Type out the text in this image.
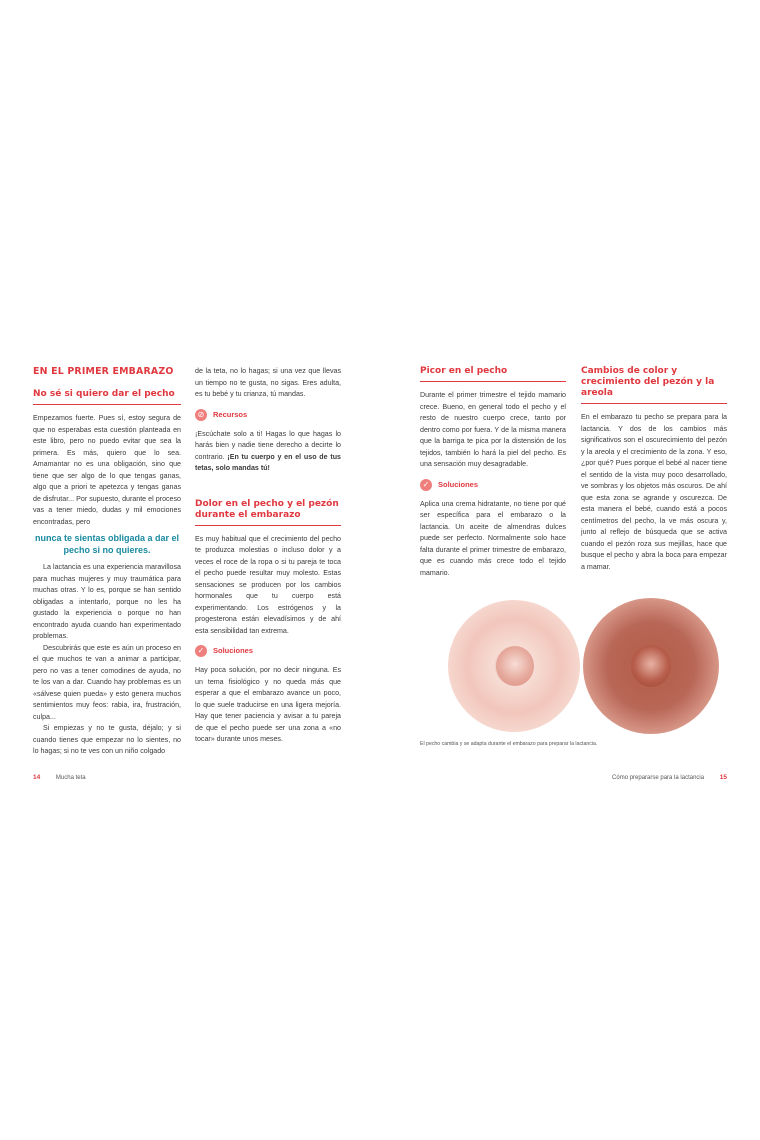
EN EL PRIMER EMBARAZO
No sé si quiero dar el pecho

Empezamos fuerte. Pues sí, estoy segura de que no esperabas esta cuestión planteada en este libro, pero no puedo evitar que sea la primera. Es más, quiero que lo sea. Amamantar no es una obligación, sino que tiene que ser algo de lo que tengas ganas, algo que a priori te apetezca y tengas ganas de disfrutar... Por supuesto, durante el proceso vas a tener miedo, dudas y mil emociones encontradas, pero

nunca te sientas obligada a dar el pecho si no quieres.

La lactancia es una experiencia maravillosa para muchas mujeres y muy traumática para muchas otras. Y lo es, porque se han sentido obligadas a intentarlo, porque no les ha gustado la experiencia o porque no han encontrado ayuda cuando han experimentado problemas.

Descubrirás que este es aún un proceso en el que muchos te van a animar a participar, pero no vas a tener comodines de ayuda, no te los van a dar. Cuando hay problemas es un «sálvese quien pueda» y esto genera muchos sentimientos muy feos: rabia, ira, frustración, culpa...

Si empiezas y no te gusta, déjalo; y si cuando tienes que empezar no lo sientes, no lo hagas; si no te ves con un niño colgado

de la teta, no lo hagas; si una vez que llevas un tiempo no te gusta, no sigas. Eres adulta, es tu bebé y tu crianza, tú mandas.

⊘	Recursos

¡Escúchate solo a ti! Hagas lo que hagas lo harás bien y nadie tiene derecho a decirte lo contrario. ¡En tu cuerpo y en el uso de tus tetas, solo mandas tú!

Dolor en el pecho y el pezón durante el embarazo

Es muy habitual que el crecimiento del pecho te produzca molestias o incluso dolor y a veces el roce de la ropa o si tu pareja te toca el pecho puede resultar muy molesto. Estas sensaciones se producen por los cambios hormonales que tu cuerpo está experimentando. Los estrógenos y la progesterona están elevadísimos y de ahí esta sensibilidad tan extrema.

✓	Soluciones

Hay poca solución, por no decir ninguna. Es un tema fisiológico y no queda más que esperar a que el embarazo avance un poco, lo que suele traducirse en una ligera mejoría. Hay que tener paciencia y avisar a tu pareja de que el pecho puede ser una zona a «no tocar» durante unos meses.

Picor en el pecho

Durante el primer trimestre el tejido mamario crece. Bueno, en general todo el pecho y el resto de nuestro cuerpo crece, tanto por dentro como por fuera. Y de la misma manera que la barriga te pica por la distensión de los tejidos, también lo hará la piel del pecho. Es una sensación muy desagradable.

✓	Soluciones

Aplica una crema hidratante, no tiene por qué ser específica para el embarazo o la lactancia. Un aceite de almendras dulces puede ser perfecto. Normalmente solo hace falta durante el primer trimestre de embarazo, que es cuando más crece todo el tejido mamario.

Cambios de color y crecimiento del pezón y la areola

En el embarazo tu pecho se prepara para la lactancia. Y dos de los cambios más significativos son el oscurecimiento del pezón y la areola y el crecimiento de la zona. Y eso, ¿por qué? Pues porque el bebé al nacer tiene el sentido de la vista muy poco desarrollado, ve sombras y los objetos más oscuros. De ahí que esta zona se agrande y oscurezca. De esta manera el bebé, cuando está a pocos centímetros del pecho, la ve más oscura y, junto al reflejo de búsqueda que se activa cuando el pezón roza sus mejillas, hace que busque el pecho y abra la boca para empezar a mamar.

El pecho cambia y se adapta durante el embarazo para preparar la lactancia.
14	Mucha teta	Cómo prepararse para la lactancia 15
